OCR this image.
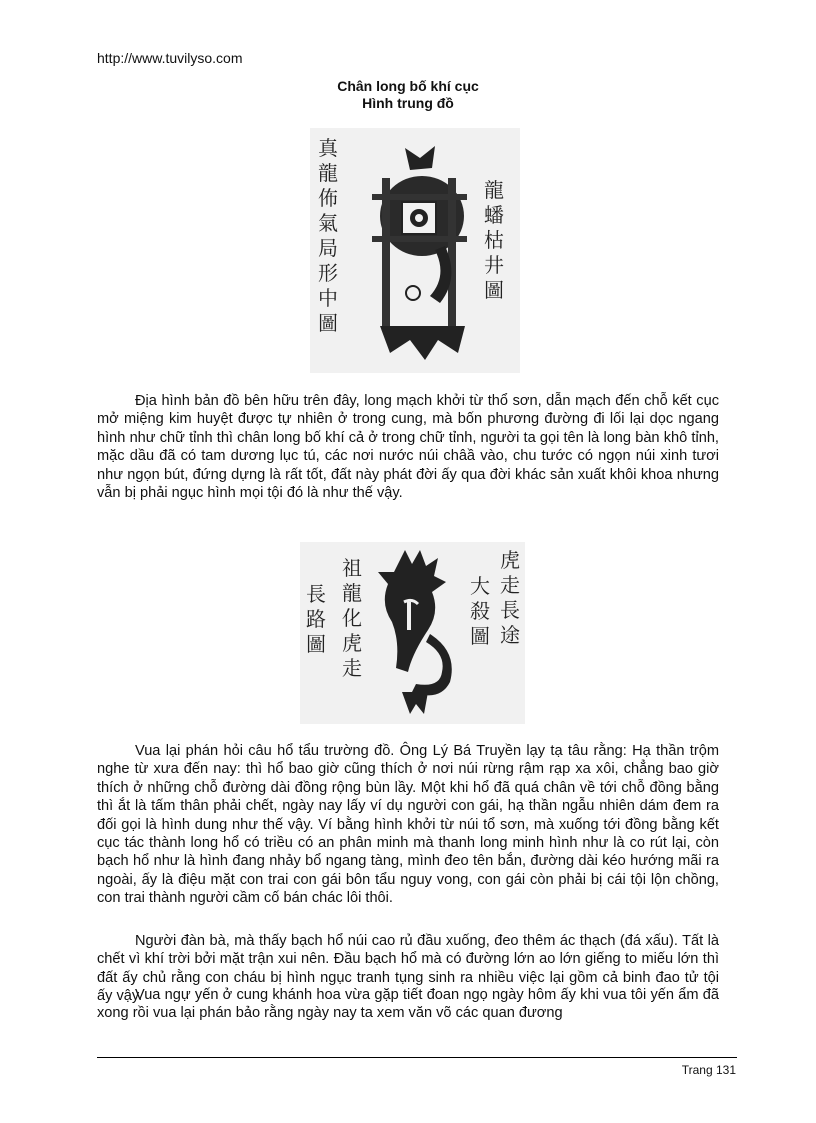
http://www.tuvilyso.com
Chân long bố khí cục
Hình trung đồ
真龍佈氣局形中圖
龍蟠枯井圖

Địa hình bản đồ bên hữu trên đây, long mạch khởi từ thổ sơn, dẫn mạch đến chỗ kết cục mở miệng kim huyệt được tự nhiên ở trong cung, mà bốn phương đường đi lối lại dọc ngang hình như chữ tỉnh thì chân long bố khí cả ở trong chữ tỉnh, người ta gọi tên là long bàn khô tỉnh, mặc dầu đã có tam dương lục tú, các nơi nước núi châầ vào, chu tước có ngọn núi xinh tươi như ngọn bút, đứng dựng là rất tốt, đất này phát đời ấy qua đời khác sản xuất khôi khoa nhưng vẫn bị phải ngục hình mọi tội đó là như thế vậy.

長路圖
祖龍化虎走
大殺圖
虎走長途

Vua lại phán hỏi câu hổ tẩu trường đồ. Ông Lý Bá Truyền lạy tạ tâu rằng: Hạ thần trộm nghe từ xưa đến nay: thì hổ bao giờ cũng thích ở nơi núi rừng rậm rạp xa xôi, chẳng bao giờ thích ở những chỗ đường dài đồng rộng bùn lầy. Một khi hổ đã quá chân về tới chỗ đồng bằng thì ắt là tấm thân phải chết, ngày nay lấy ví dụ người con gái, hạ thần ngẫu nhiên dám đem ra đối gọi là hình dung như thế vậy. Ví bằng hình khởi từ núi tổ sơn, mà xuống tới đồng bằng kết cục tác thành long hổ có triều có an phân minh mà thanh long minh hình như là co rút lại, còn bạch hổ như là hình đang nhảy bổ ngang tàng, mình đeo tên bắn, đường dài kéo hướng mãi ra ngoài, ấy là điệu mặt con trai con gái bôn tẩu nguy vong, con gái còn phải bị cái tội lộn chồng, con trai thành người cầm cố bán chác lôi thôi.

Người đàn bà, mà thấy bạch hổ núi cao rủ đầu xuống, đeo thêm ác thạch (đá xấu). Tất là chết vì khí trời bởi mặt trận xui nên. Đầu bạch hổ mà có đường lớn ao lớn giếng to miếu lớn thì đất ấy chủ rằng con cháu bị hình ngục tranh tụng sinh ra nhiều việc lại gồm cả binh đao tử tội ấy vậy.

Vua ngự yến ở cung khánh hoa vừa gặp tiết đoan ngọ ngày hôm ấy khi vua tôi yến ẩm đã xong rồi vua lại phán bảo rằng ngày nay ta xem văn võ các quan đương

Trang 131
